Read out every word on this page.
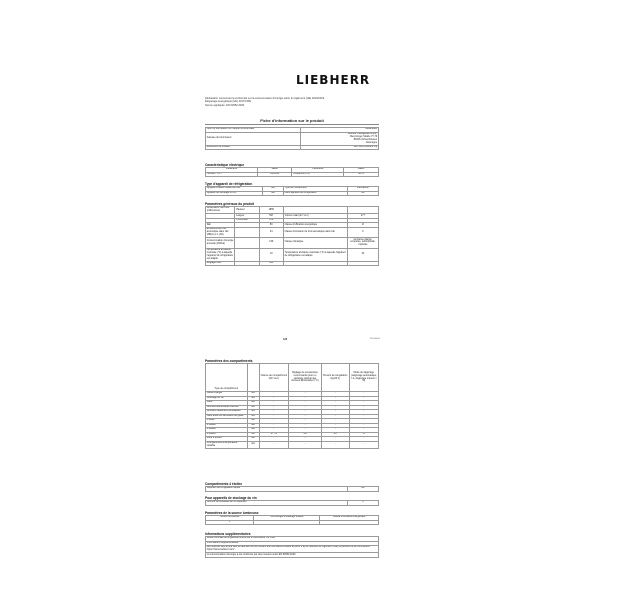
LIEBHERR
Déclaration concernant la conformité sur la consommation d'énergie selon le règlement (UE) 2019/2019
Étiquetage énergétique (UE) 2017/1369
Norme appliquée: EN 62552:2020
Fiche d'information sur le produit
Nom du fournisseur ou marque commerciale:	LIEBHERR
Adresse du fournisseur:	Liebherr-Hausgeräte GmbH
Memminger Straße 77-79
88416 Ochsenhausen
Allemagne
Référence du modèle:	IRe 5100 (996961 15)
Caractéristique électrique
Paramètre	Valeur	Paramètre	Valeur
Tension / Hz ~	220-240	Fréquence (Hz)	50 Hz
Type d'appareil de réfrigération
Appareil à faible niveau de bruit:	non	Type de construction:	à encastrer
Appareil de stockage du vin:	non	Autre appareil de réfrigération:	oui
Paramètres généraux du produit
Dimensions hors tout (millimètres)	Hauteur	1855		
	Largeur	597	Volume total (dm³ ou l)	277
	Profondeur	478		
IEE		80	Classe d'efficacité énergétique	D
Émissions de bruit acoustique dans l'air (dB(A) re 1 pW)		34	Classe d'émission de bruit acoustique dans l'air	C
Consommation d'énergie annuelle (kWh/a)		139	Classe climatique	tempérée élargie, tempérée, subtropicale, tropicale
Température ambiante minimale (°C) à laquelle l'appareil de réfrigération est adapté		10	Température ambiante maximale (°C) à laquelle l'appareil de réfrigération est adapté	43
Réglage hiver		non		
1/2	FR-000000
Paramètres des compartiments
Type de compartiment		Volume du compartiment (dm³ ou l)	Réglage de température recommandé pour un stockage optimal des denrées alimentaires (°C)	Pouvoir de congélation (kg/24 h)	Mode de dégivrage (dégivrage automatique = A, dégivrage manuel = M)
Garde-manger	non	-	-	-	-
Stockage du vin	non	-	-	-	-
Cave	non	-	-	-	-
Denrées alimentaires fraîches	non	-	-	-	-
Denrées hautement périssables	non	-	-	-	-
Sans étoile ou fabrication de glace	non	-	-	-	-
1 étoile	non	-	-	-	-
2 étoiles	non	-	-	-	-
3 étoiles	non	-	-	-	-
4 étoiles	oui	277,9	-18	20	A
Zone 2 étoiles	non	-	-	-	-
Compartiment à température variable	non	-	-	-	-
Compartiments 4 étoiles
Dispositif de congélation rapide	oui
Pour appareils de stockage du vin
Nombre de bouteilles de vin standard	0
Paramètres de la source lumineuse
Source lumineuse	Technologie d'éclairage utilisée	Classe d'efficacité énergétique
1		
Informations supplémentaires
Durée minimale de la garantie offerte par le fournisseur: 24 mois
Informations supplémentaires:
Lien Internet vers le site web du fabricant où se trouvent les informations visées au point 4 a) de l'annexe du règlement (UE) 2019/2023 de la Commission: https://home.liebherr.com/
La consommation d'énergie a été confirmée par des mesures selon EN 62552:2020.
